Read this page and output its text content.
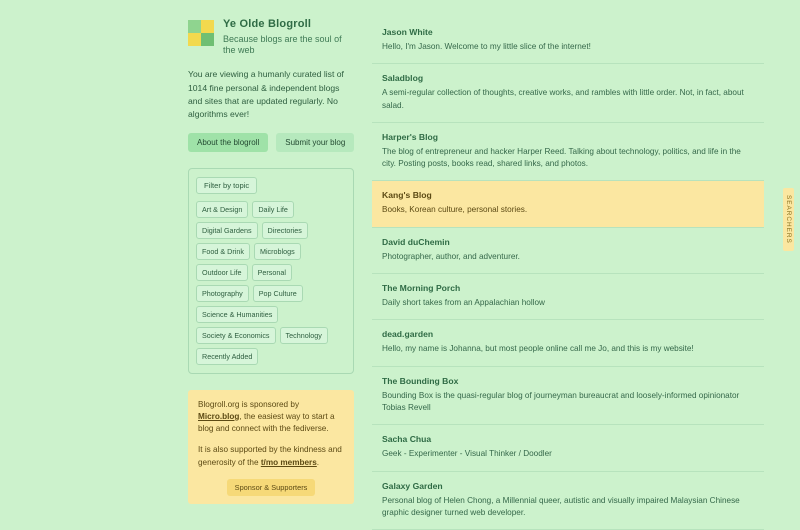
Ye Olde Blogroll
Because blogs are the soul of the web
You are viewing a humanly curated list of 1014 fine personal & independent blogs and sites that are updated regularly. No algorithms ever!
About the blogroll	Submit your blog
Filter by topic
Art & Design	Daily Life
Digital Gardens	Directories
Food & Drink	Microblogs
Outdoor Life	Personal
Photography	Pop Culture
Science & Humanities
Society & Economics	Technology
Recently Added

Blogroll.org is sponsored by Micro.blog, the easiest way to start a blog and connect with the fediverse.

It is also supported by the kindness and generosity of the t/mo members.

Sponsor & Supporters
Jason White
Hello, I'm Jason. Welcome to my little slice of the internet!
Saladblog
A semi-regular collection of thoughts, creative works, and rambles with little order. Not, in fact, about salad.
Harper's Blog
The blog of entrepreneur and hacker Harper Reed. Talking about technology, politics, and life in the city. Posting posts, books read, shared links, and photos.
Kang's Blog
Books, Korean culture, personal stories.
David duChemin
Photographer, author, and adventurer.
The Morning Porch
Daily short takes from an Appalachian hollow
dead.garden
Hello, my name is Johanna, but most people online call me Jo, and this is my website!
The Bounding Box
Bounding Box is the quasi-regular blog of journeyman bureaucrat and loosely-informed opinionator Tobias Revell
Sacha Chua
Geek - Experimenter - Visual Thinker / Doodler
Galaxy Garden
Personal blog of Helen Chong, a Millennial queer, autistic and visually impaired Malaysian Chinese graphic designer turned web developer.
SEARCHERS
